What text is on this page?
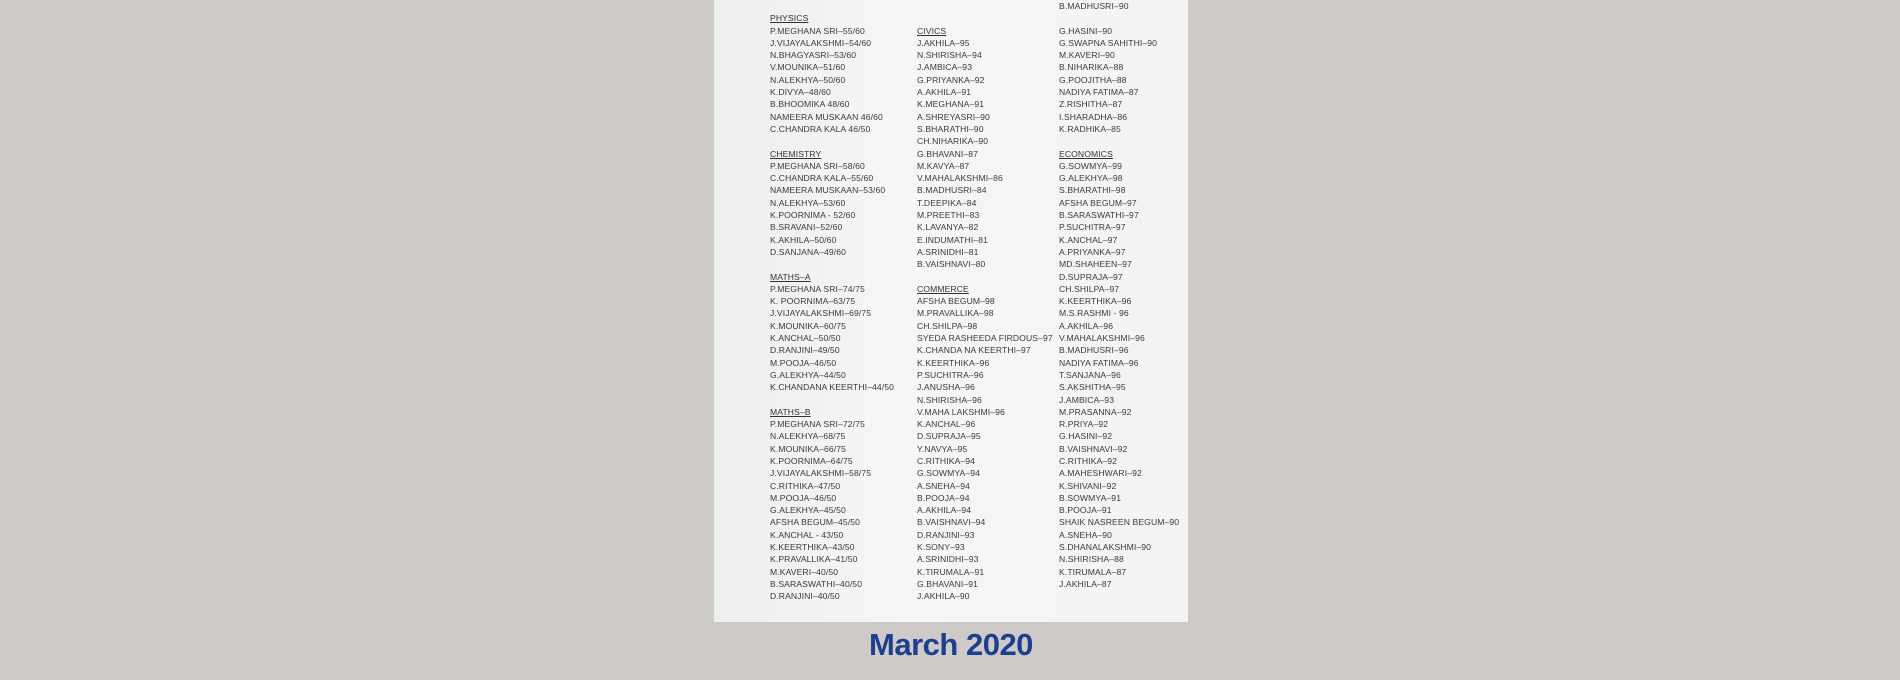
PHYSICS
P.MEGHANA SRI–55/60
J.VIJAYALAKSHMI–54/60
N.BHAGYASRI–53/60
V.MOUNIKA–51/60
N.ALEKHYA–50/60
K.DIVYA–48/60
B.BHOOMIKA 48/60
NAMEERA MUSKAAN 46/60
C.CHANDRA KALA 46/50
CHEMISTRY
P.MEGHANA SRI–58/60
C.CHANDRA KALA–55/60
NAMEERA MUSKAAN–53/60
N.ALEKHYA–53/60
K.POORNIMA - 52/60
B.SRAVANI–52/60
K.AKHILA–50/60
D.SANJANA–49/60
MATHS–A
P.MEGHANA SRI–74/75
K. POORNIMA–63/75
J.VIJAYALAKSHMI–69/75
K.MOUNIKA–60/75
K.ANCHAL–50/50
D.RANJINI–49/50
M.POOJA–46/50
G.ALEKHYA–44/50
K.CHANDANA KEERTHI–44/50
MATHS–B
P.MEGHANA SRI–72/75
N.ALEKHYA–68/75
K.MOUNIKA–66/75
K.POORNIMA–64/75
J.VIJAYALAKSHMI–58/75
C.RITHIKA–47/50
M.POOJA–46/50
G.ALEKHYA–45/50
AFSHA BEGUM–45/50
K.ANCHAL - 43/50
K.KEERTHIKA–43/50
K.PRAVALLIKA–41/50
M.KAVERI–40/50
B.SARASWATHI–40/50
D.RANJINI–40/50
CIVICS
J.AKHILA–95
N.SHIRISHA–94
J.AMBICA–93
G.PRIYANKA–92
A.AKHILA–91
K.MEGHANA–91
A.SHREYASRI–90
S.BHARATHI–90
CH.NIHARIKA–90
G.BHAVANI–87
M.KAVYA–87
V.MAHALAKSHMI–86
B.MADHUSRI–84
T.DEEPIKA–84
M.PREETHI–83
K.LAVANYA–82
E.INDUMATHI–81
A.SRINIDHI–81
B.VAISHNAVI–80
COMMERCE
AFSHA BEGUM–98
M.PRAVALLIKA–98
CH.SHILPA–98
SYEDA RASHEEDA FIRDOUS–97
K.CHANDA NA KEERTHI–97
K.KEERTHIKA–96
P.SUCHITRA–96
J.ANUSHA–96
N.SHIRISHA–96
V.MAHA LAKSHMI–96
K.ANCHAL–96
D.SUPRAJA–95
Y.NAVYA–95
C.RITHIKA–94
G.SOWMYA–94
A.SNEHA–94
B.POOJA–94
A.AKHILA–94
B.VAISHNAVI–94
D.RANJINI–93
K.SONY–93
A.SRINIDHI–93
K.TIRUMALA–91
G.BHAVANI–91
J.AKHILA–90
B.MADHUSRI–90
G.HASINI–90
G.SWAPNA SAHITHI–90
M.KAVERI–90
B.NIHARIKA–88
G.POOJITHA–88
NADIYA FATIMA–87
Z.RISHITHA–87
I.SHARADHA–86
K.RADHIKA–85
ECONOMICS
G.SOWMYA–99
G.ALEKHYA–98
S.BHARATHI–98
AFSHA BEGUM–97
B.SARASWATHI–97
P.SUCHITRA–97
K.ANCHAL–97
A.PRIYANKA–97
MD.SHAHEEN–97
D.SUPRAJA–97
CH.SHILPA–97
K.KEERTHIKA–96
M.S.RASHMI - 96
A.AKHILA–96
V.MAHALAKSHMI–96
B.MADHUSRI–96
NADIYA FATIMA–96
T.SANJANA–96
S.AKSHITHA–95
J.AMBICA–93
M.PRASANNA–92
R.PRIYA–92
G.HASINI–92
B.VAISHNAVI–92
C.RITHIKA–92
A.MAHESHWARI–92
K.SHIVANI–92
B.SOWMYA–91
B.POOJA–91
SHAIK NASREEN BEGUM–90
A.SNEHA–90
S.DHANALAKSHMI–90
N.SHIRISHA–88
K.TIRUMALA–87
J.AKHILA–87
March 2020
